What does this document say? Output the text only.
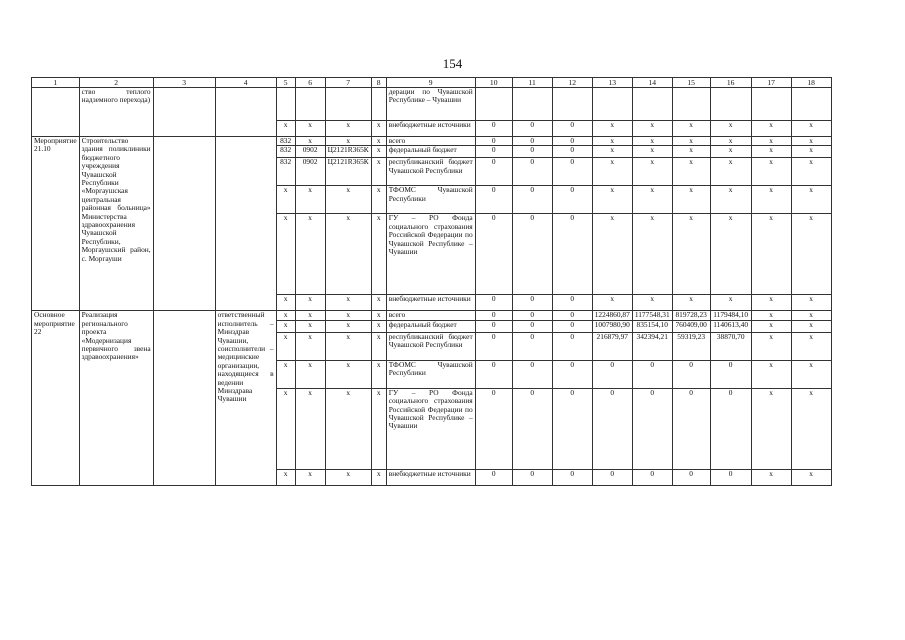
154
1	2	3	4	5	6	7	8	9	10	11	12	13	14	15	16	17	18
	ство теплого надземного перехода)							дерации по Чувашской Республике – Чувашии									
				x	x	x	x	внебюджетные источники	0	0	0	x	x	x	x	x	x
Мероприятие 21.10	Строительство здания поликлиники бюджетного учреждения Чувашской Республики «Моргаушская центральная районная больница» Министерства здравоохранения Чувашской Республики, Моргаушский район, с. Моргауши			832	x	x	x	всего	0	0	0	x	x	x	x	x	x
				832	0902	Ц2121R365К	x	федеральный бюджет	0	0	0	x	x	x	x	x	x
				832	0902	Ц2121R365К	x	республиканский бюджет Чувашской Республики	0	0	0	x	x	x	x	x	x
				x	x	x	x	ТФОМС Чувашской Республики	0	0	0	x	x	x	x	x	x
				x	x	x	x	ГУ – РО Фонда социального страхования Российской Федерации по Чувашской Республике – Чувашии	0	0	0	x	x	x	x	x	x
				x	x	x	x	внебюджетные источники	0	0	0	x	x	x	x	x	x
Основное мероприятие 22	Реализация регионального проекта «Модернизация первичного звена здравоохранения»		ответственный исполнитель – Минздрав Чувашии, соисполнители – медицинские организации, находящиеся в ведении Минздрава Чувашии	x	x	x	x	всего	0	0	0	1224860,87	1177548,31	819728,23	1179484,10	x	x
				x	x	x	x	федеральный бюджет	0	0	0	1007980,90	835154,10	760409,00	1140613,40	x	x
				x	x	x	x	республиканский бюджет Чувашской Республики	0	0	0	216879,97	342394,21	59319,23	38870,70	x	x
				x	x	x	x	ТФОМС Чувашской Республики	0	0	0	0	0	0	0	x	x
				x	x	x	x	ГУ – РО Фонда социального страхования Российской Федерации по Чувашской Республике – Чувашии	0	0	0	0	0	0	0	x	x
				x	x	x	x	внебюджетные источники	0	0	0	0	0	0	0	x	x
